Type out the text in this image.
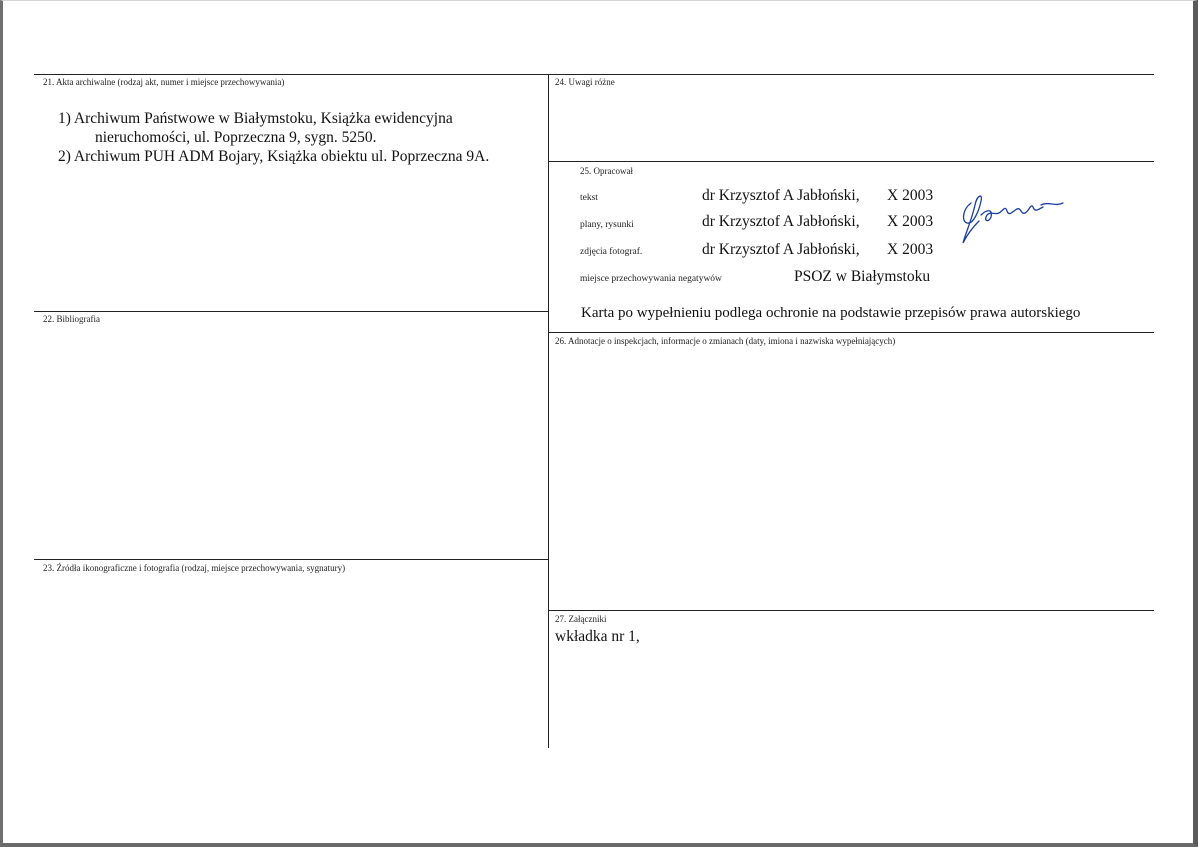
21. Akta archiwalne (rodzaj akt, numer i miejsce przechowywania)
1) Archiwum Państwowe w Białymstoku, Książka ewidencyjna
nieruchomości, ul. Poprzeczna 9, sygn. 5250.
2) Archiwum PUH ADM Bojary, Książka obiektu ul. Poprzeczna 9A.
22. Bibliografia
23. Źródła ikonograficzne i fotografia (rodzaj, miejsce przechowywania, sygnatury)
24. Uwagi różne
25. Opracował
tekst	dr Krzysztof A Jabłoński, X 2003
plany, rysunki	dr Krzysztof A Jabłoński, X 2003
zdjęcia fotograf.	dr Krzysztof A Jabłoński, X 2003
miejsce przechowywania negatywów	PSOZ w Białymstoku
Karta po wypełnieniu podlega ochronie na podstawie przepisów prawa autorskiego
26. Adnotacje o inspekcjach, informacje o zmianach (daty, imiona i nazwiska wypełniających)
27. Załączniki
wkładka nr 1,
